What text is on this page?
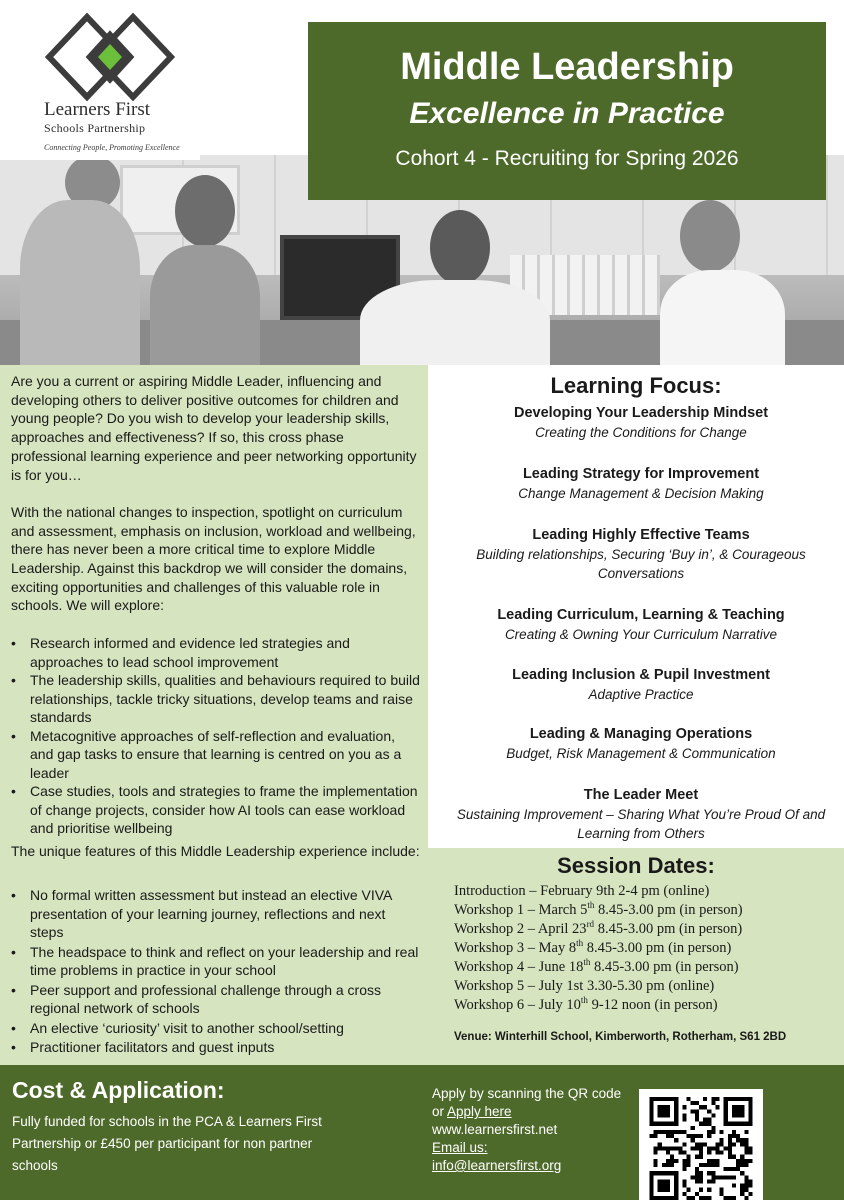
Learners First
Schools Partnership
Connecting People, Promoting Excellence
Middle Leadership
Excellence in Practice
Cohort 4 - Recruiting for Spring 2026

Are you a current or aspiring Middle Leader, influencing and developing others to deliver positive outcomes for children and young people? Do you wish to develop your leadership skills, approaches and effectiveness? If so, this cross phase professional learning experience and peer networking opportunity is for you…

With the national changes to inspection, spotlight on curriculum and assessment, emphasis on inclusion, workload and wellbeing, there has never been a more critical time to explore Middle Leadership. Against this backdrop we will consider the domains, exciting opportunities and challenges of this valuable role in schools. We will explore:

• Research informed and evidence led strategies and approaches to lead school improvement
• The leadership skills, qualities and behaviours required to build relationships, tackle tricky situations, develop teams and raise standards
• Metacognitive approaches of self-reflection and evaluation, and gap tasks to ensure that learning is centred on you as a leader
• Case studies, tools and strategies to frame the implementation of change projects, consider how AI tools can ease workload and prioritise wellbeing
The unique features of this Middle Leadership experience include:
• No formal written assessment but instead an elective VIVA presentation of your learning journey, reflections and next steps
• The headspace to think and reflect on your leadership and real time problems in practice in your school
• Peer support and professional challenge through a cross regional network of schools
• An elective ‘curiosity’ visit to another school/setting
• Practitioner facilitators and guest inputs
Learning Focus:
Developing Your Leadership Mindset
Creating the Conditions for Change
Leading Strategy for Improvement
Change Management & Decision Making
Leading Highly Effective Teams
Building relationships, Securing ‘Buy in’, & Courageous Conversations
Leading Curriculum, Learning & Teaching
Creating & Owning Your Curriculum Narrative
Leading Inclusion & Pupil Investment
Adaptive Practice
Leading & Managing Operations
Budget, Risk Management & Communication
The Leader Meet
Sustaining Improvement – Sharing What You’re Proud Of and Learning from Others
Session Dates:
Introduction – February 9th 2-4 pm (online)
Workshop 1 – March 5th 8.45-3.00 pm (in person)
Workshop 2 – April 23rd 8.45-3.00 pm (in person)
Workshop 3 – May 8th 8.45-3.00 pm (in person)
Workshop 4 – June 18th 8.45-3.00 pm (in person)
Workshop 5 – July 1st 3.30-5.30 pm (online)
Workshop 6 – July 10th 9-12 noon (in person)
Venue: Winterhill School, Kimberworth, Rotherham, S61 2BD
Cost & Application:
Fully funded for schools in the PCA & Learners First Partnership or £450 per participant for non partner schools
Apply by scanning the QR code or Apply here
www.learnersfirst.net
Email us:
info@learnersfirst.org
